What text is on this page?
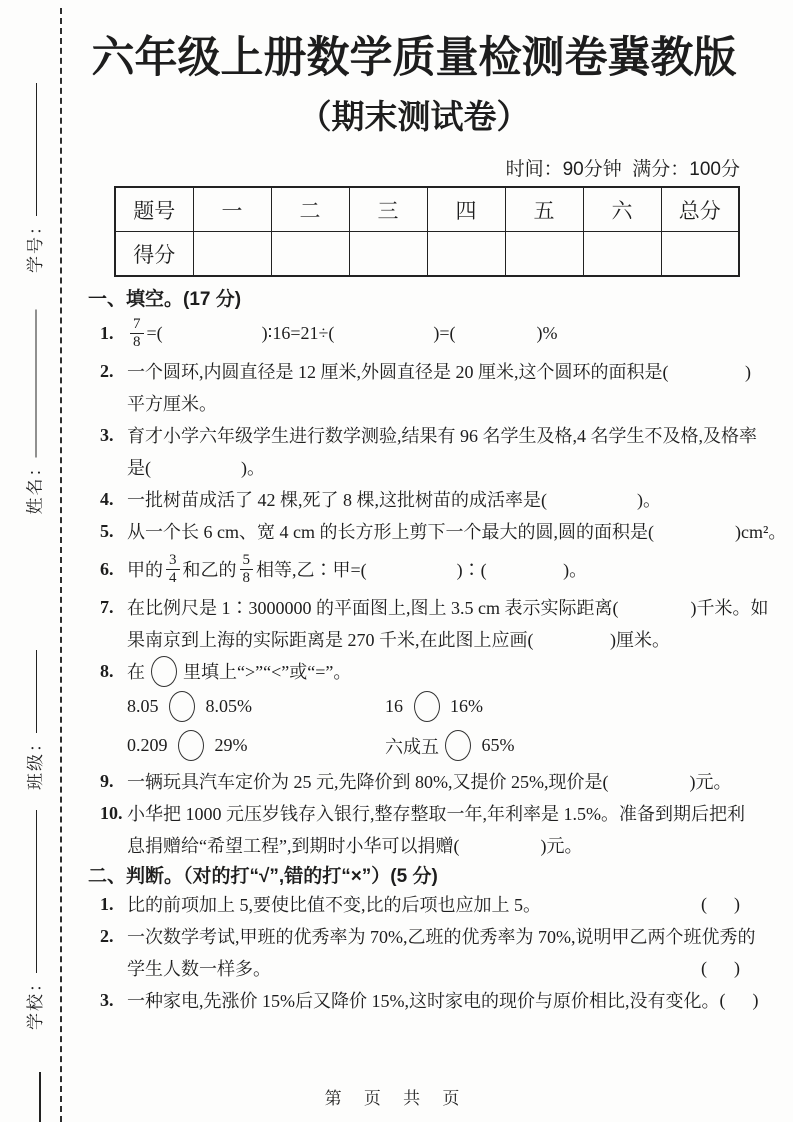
学号：
姓名：
班级：
学校：
六年级上册数学质量检测卷冀教版
（期末测试卷）
时间：90分钟  满分：100分
题号	一	二	三	四	五	六	总分
得分							
一、填空。(17 分)
1.	$\frac{7}{8}$ =(                      )∶16=21÷(                      )=(                  )%
2. 一个圆环,内圆直径是 12 厘米,外圆直径是 20 厘米,这个圆环的面积是(                 )
平方厘米。
3. 育才小学六年级学生进行数学测验,结果有 96 名学生及格,4 名学生不及格,及格率
是(                    )。
4. 一批树苗成活了 42 棵,死了 8 棵,这批树苗的成活率是(                    )。
5. 从一个长 6 cm、宽 4 cm 的长方形上剪下一个最大的圆,圆的面积是(                  )cm²。
6. 甲的 $\frac{3}{4}$ 和乙的 $\frac{5}{8}$ 相等,乙∶甲=(                    )∶(                 )。
7. 在比例尺是 1∶3000000 的平面图上,图上 3.5 cm 表示实际距离(                )千米。如
果南京到上海的实际距离是 270 千米,在此图上应画(                 )厘米。
8. 在 里填上“>”“<”或“=”。
8.05 8.05%	16 16%
0.209 29%	六成五 65%
9. 一辆玩具汽车定价为 25 元,先降价到 80%,又提价 25%,现价是(                  )元。
10. 小华把 1000 元压岁钱存入银行,整存整取一年,年利率是 1.5%。准备到期后把利
息捐赠给“希望工程”,到期时小华可以捐赠(                  )元。
二、判断。（对的打“√”,错的打“×”）(5 分)
1. 比的前项加上 5,要使比值不变,比的后项也应加上 5。	(      )
2. 一次数学考试,甲班的优秀率为 70%,乙班的优秀率为 70%,说明甲乙两个班优秀的
学生人数一样多。	(      )
3. 一种家电,先涨价 15%后又降价 15%,这时家电的现价与原价相比,没有变化。 (      )
第 页 共 页
